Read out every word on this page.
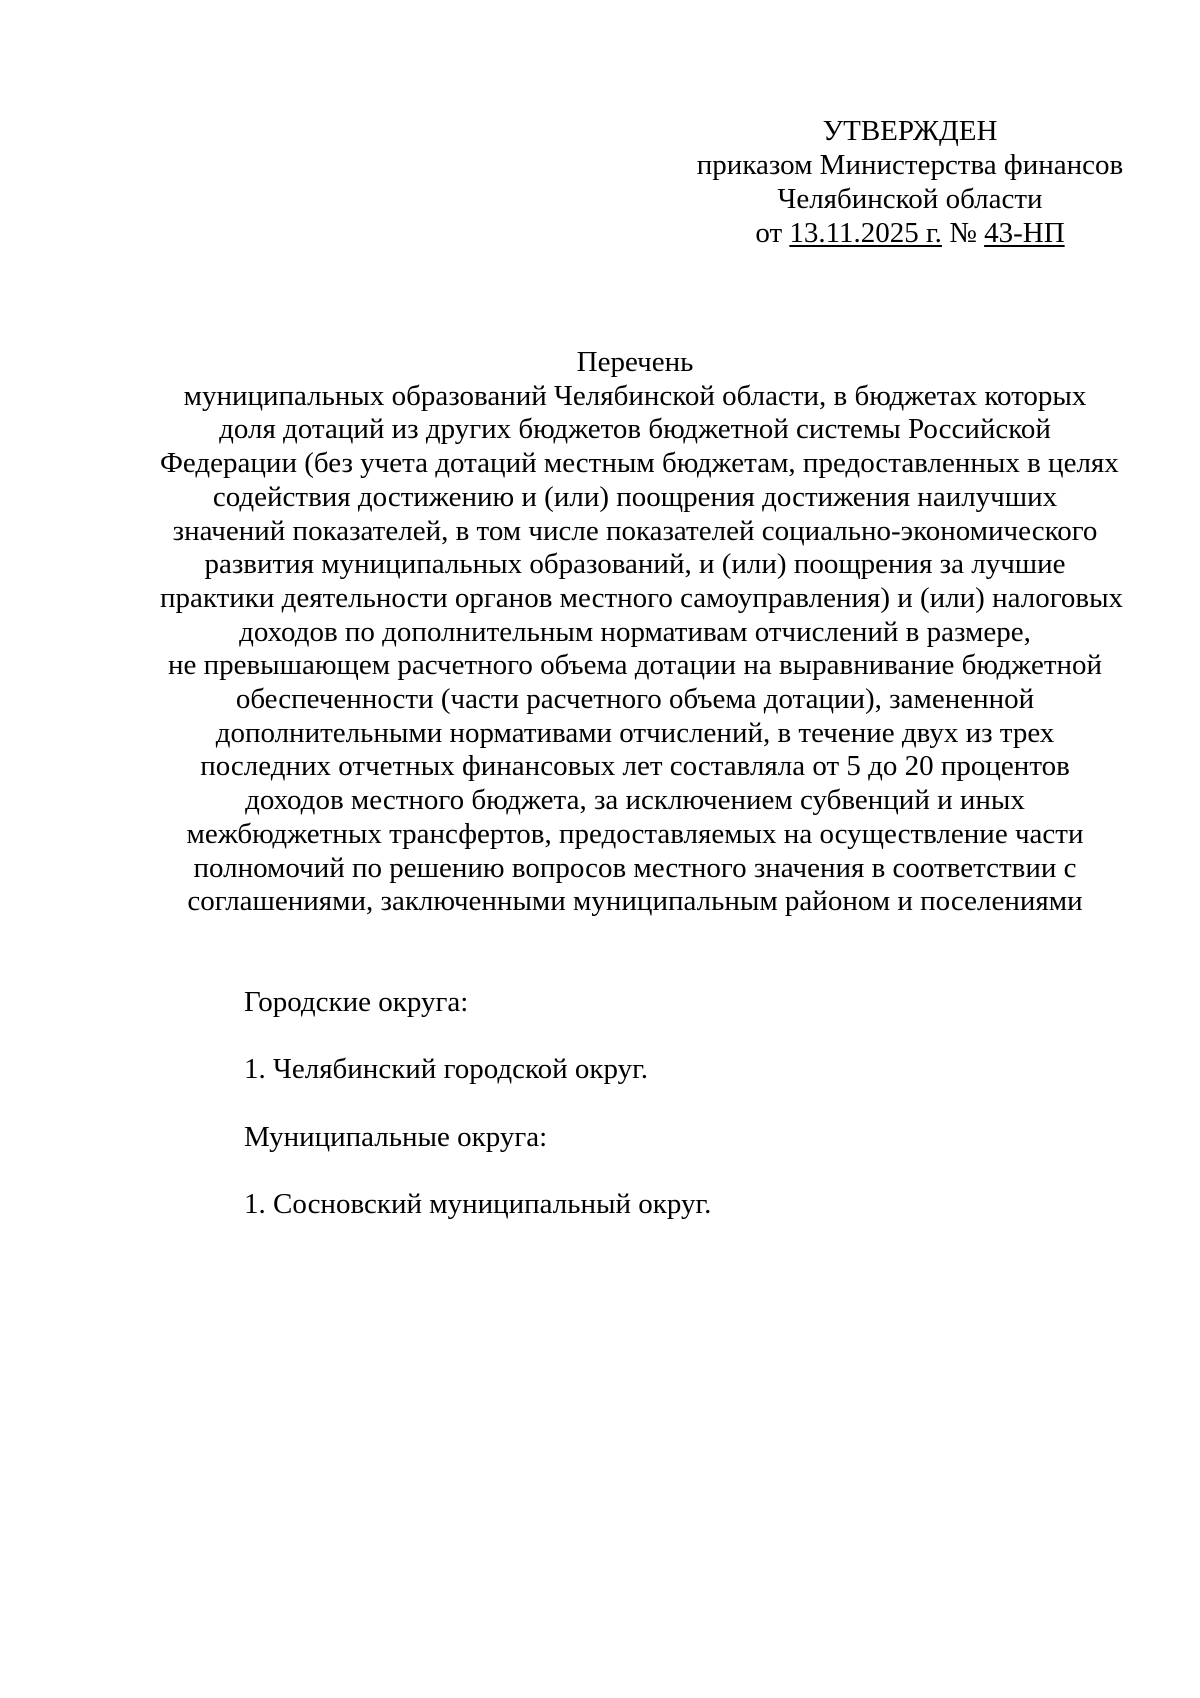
УТВЕРЖДЕН
приказом Министерства финансов
Челябинской области
от 13.11.2025 г. № 43-НП
Перечень
муниципальных образований Челябинской области, в бюджетах которых
доля дотаций из других бюджетов бюджетной системы Российской
Федерации (без учета дотаций местным бюджетам, предоставленных в целях
содействия достижению и (или) поощрения достижения наилучших
значений показателей, в том числе показателей социально-экономического
развития муниципальных образований, и (или) поощрения за лучшие
практики деятельности органов местного самоуправления) и (или) налоговых
доходов по дополнительным нормативам отчислений в размере,
не превышающем расчетного объема дотации на выравнивание бюджетной
обеспеченности (части расчетного объема дотации), замененной
дополнительными нормативами отчислений, в течение двух из трех
последних отчетных финансовых лет составляла от 5 до 20 процентов
доходов местного бюджета, за исключением субвенций и иных
межбюджетных трансфертов, предоставляемых на осуществление части
полномочий по решению вопросов местного значения в соответствии с
соглашениями, заключенными муниципальным районом и поселениями
Городские округа:
1. Челябинский городской округ.
Муниципальные округа:
1. Сосновский муниципальный округ.
